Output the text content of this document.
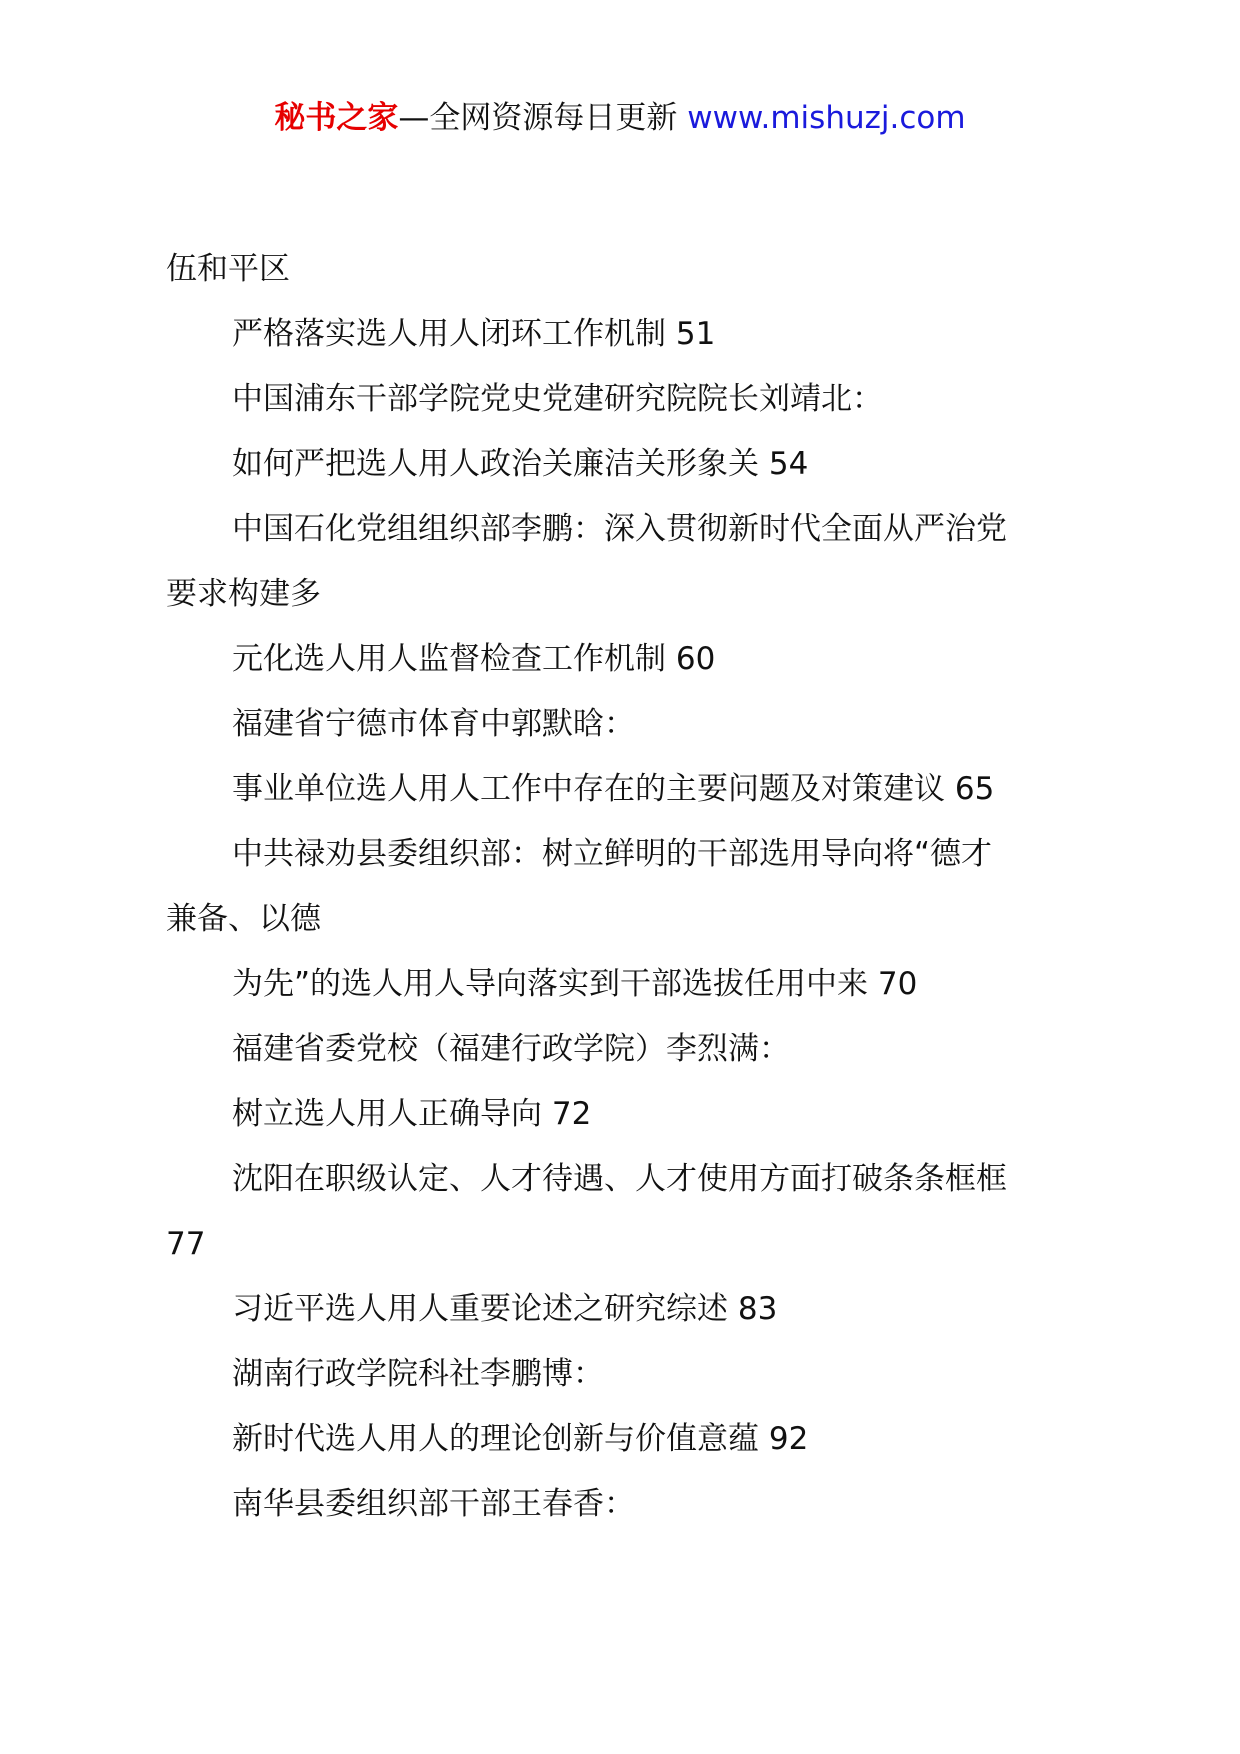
秘书之家—全网资源每日更新 www.mishuzj.com
伍和平区
严格落实选人用人闭环工作机制 51
中国浦东干部学院党史党建研究院院长刘靖北：
如何严把选人用人政治关廉洁关形象关 54
中国石化党组组织部李鹏：深入贯彻新时代全面从严治党
要求构建多
元化选人用人监督检查工作机制 60
福建省宁德市体育中郭默晗：
事业单位选人用人工作中存在的主要问题及对策建议 65
中共禄劝县委组织部：树立鲜明的干部选用导向将“德才
兼备、以德
为先”的选人用人导向落实到干部选拔任用中来 70
福建省委党校（福建行政学院）李烈满：
树立选人用人正确导向 72
沈阳在职级认定、人才待遇、人才使用方面打破条条框框
77
习近平选人用人重要论述之研究综述 83
湖南行政学院科社李鹏博：
新时代选人用人的理论创新与价值意蕴 92
南华县委组织部干部王春香：
